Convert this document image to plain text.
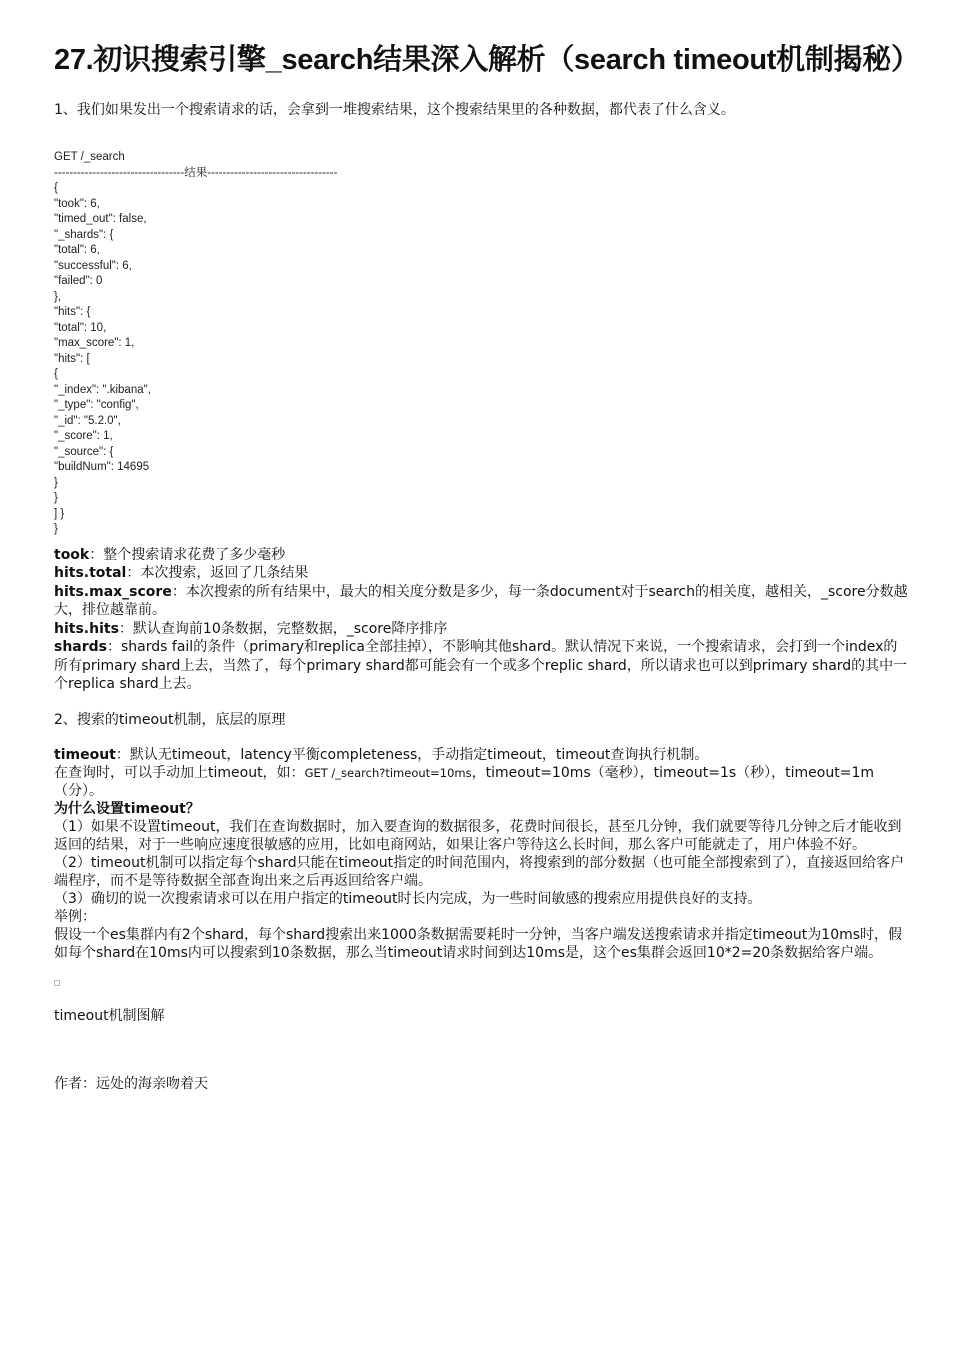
27.初识搜索引擎_search结果深入解析（search timeout机制揭秘）
1、我们如果发出一个搜索请求的话，会拿到一堆搜索结果，这个搜索结果里的各种数据，都代表了什么含义。
GET /_search
----------------------------------结果----------------------------------
{
"took": 6,
"timed_out": false,
"_shards": {
"total": 6,
"successful": 6,
"failed": 0
},
"hits": {
"total": 10,
"max_score": 1,
"hits": [
{
"_index": ".kibana",
"_type": "config",
"_id": "5.2.0",
"_score": 1,
"_source": {
"buildNum": 14695
}
}
] }
}

took：整个搜索请求花费了多少毫秒

hits.total：本次搜索，返回了几条结果

hits.max_score：本次搜索的所有结果中，最大的相关度分数是多少，每一条document对于search的相关度，越相关，_score分数越大，排位越靠前。

hits.hits：默认查询前10条数据，完整数据，_score降序排序

shards：shards fail的条件（primary和replica全部挂掉），不影响其他shard。默认情况下来说，一个搜索请求，会打到一个index的所有primary shard上去，当然了，每个primary shard都可能会有一个或多个replic shard，所以请求也可以到primary shard的其中一个replica shard上去。

2、搜索的timeout机制，底层的原理

timeout：默认无timeout，latency平衡completeness，手动指定timeout，timeout查询执行机制。

在查询时，可以手动加上timeout，如：GET /_search?timeout=10ms，timeout=10ms（毫秒），timeout=1s（秒），timeout=1m（分）。

为什么设置timeout？

（1）如果不设置timeout，我们在查询数据时，加入要查询的数据很多，花费时间很长，甚至几分钟，我们就要等待几分钟之后才能收到返回的结果，对于一些响应速度很敏感的应用，比如电商网站，如果让客户等待这么长时间，那么客户可能就走了，用户体验不好。

（2）timeout机制可以指定每个shard只能在timeout指定的时间范围内，将搜索到的部分数据（也可能全部搜索到了），直接返回给客户端程序，而不是等待数据全部查询出来之后再返回给客户端。

（3）确切的说一次搜索请求可以在用户指定的timeout时长内完成，为一些时间敏感的搜索应用提供良好的支持。

举例：

假设一个es集群内有2个shard，每个shard搜索出来1000条数据需要耗时一分钟，当客户端发送搜索请求并指定timeout为10ms时，假如每个shard在10ms内可以搜索到10条数据，那么当timeout请求时间到达10ms是，这个es集群会返回10*2=20条数据给客户端。

timeout机制图解
作者：远处的海亲吻着天
